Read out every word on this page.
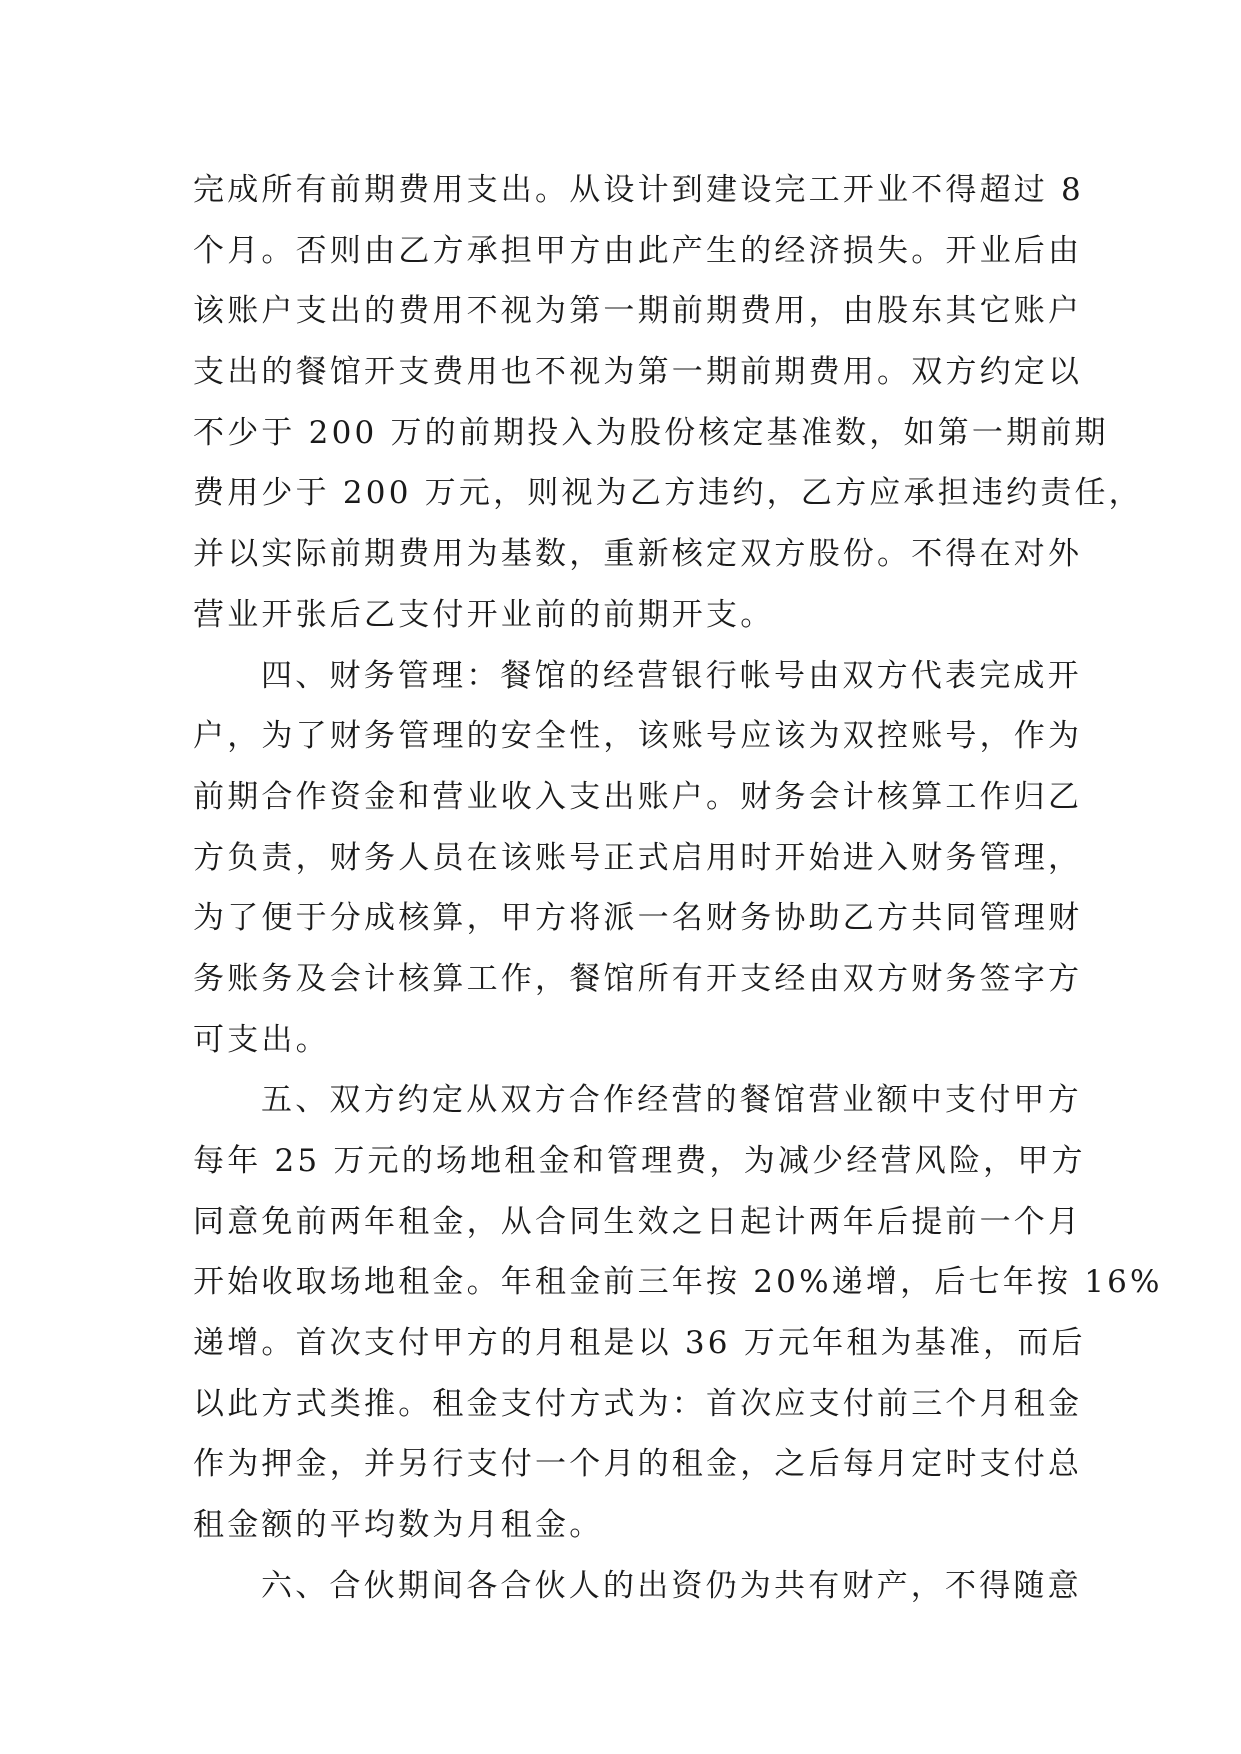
完成所有前期费用支出。从设计到建设完工开业不得超过 8
个月。否则由乙方承担甲方由此产生的经济损失。开业后由
该账户支出的费用不视为第一期前期费用，由股东其它账户
支出的餐馆开支费用也不视为第一期前期费用。双方约定以
不少于 200 万的前期投入为股份核定基准数，如第一期前期
费用少于 200 万元，则视为乙方违约，乙方应承担违约责任，
并以实际前期费用为基数，重新核定双方股份。不得在对外
营业开张后乙支付开业前的前期开支。
四、财务管理：餐馆的经营银行帐号由双方代表完成开
户，为了财务管理的安全性，该账号应该为双控账号，作为
前期合作资金和营业收入支出账户。财务会计核算工作归乙
方负责，财务人员在该账号正式启用时开始进入财务管理，
为了便于分成核算，甲方将派一名财务协助乙方共同管理财
务账务及会计核算工作，餐馆所有开支经由双方财务签字方
可支出。
五、双方约定从双方合作经营的餐馆营业额中支付甲方
每年 25 万元的场地租金和管理费，为减少经营风险，甲方
同意免前两年租金，从合同生效之日起计两年后提前一个月
开始收取场地租金。年租金前三年按 20%递增，后七年按 16%
递增。首次支付甲方的月租是以 36 万元年租为基准，而后
以此方式类推。租金支付方式为：首次应支付前三个月租金
作为押金，并另行支付一个月的租金，之后每月定时支付总
租金额的平均数为月租金。
六、合伙期间各合伙人的出资仍为共有财产，不得随意
